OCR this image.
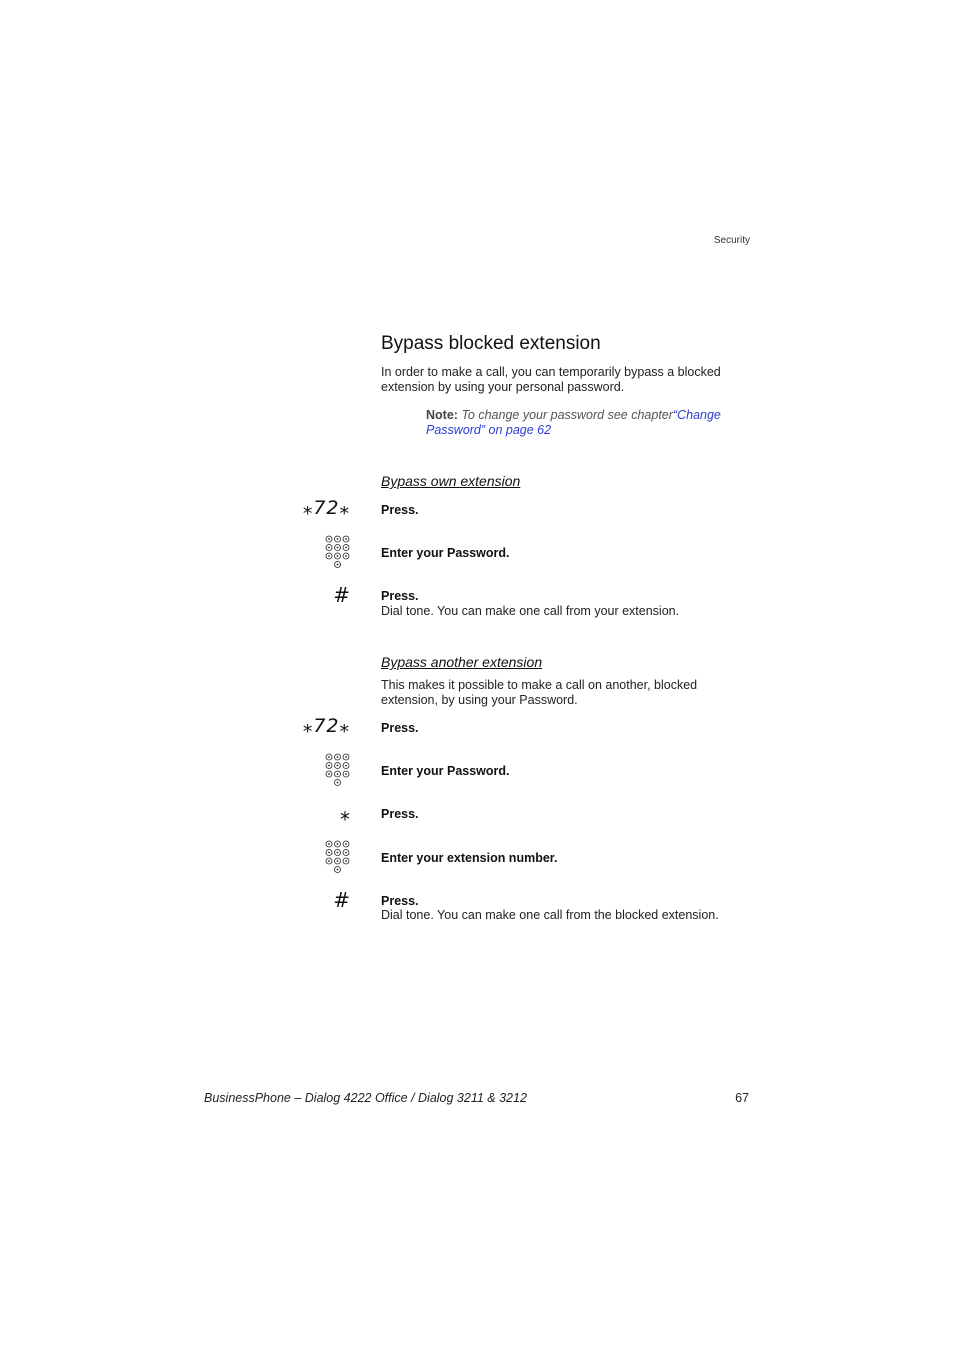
Security
Bypass blocked extension
In order to make a call, you can temporarily bypass a blocked extension by using your personal password.
Note: To change your password see chapter“Change Password” on page 62
Bypass own extension
⁎72⁎ Press.
Enter your Password.
# Press.
Dial tone. You can make one call from your extension.
Bypass another extension
This makes it possible to make a call on another, blocked extension, by using your Password.
⁎72⁎ Press.
Enter your Password.
⁎ Press.
Enter your extension number.
# Press.
Dial tone. You can make one call from the blocked extension.
BusinessPhone – Dialog 4222 Office / Dialog 3211 & 3212	67
